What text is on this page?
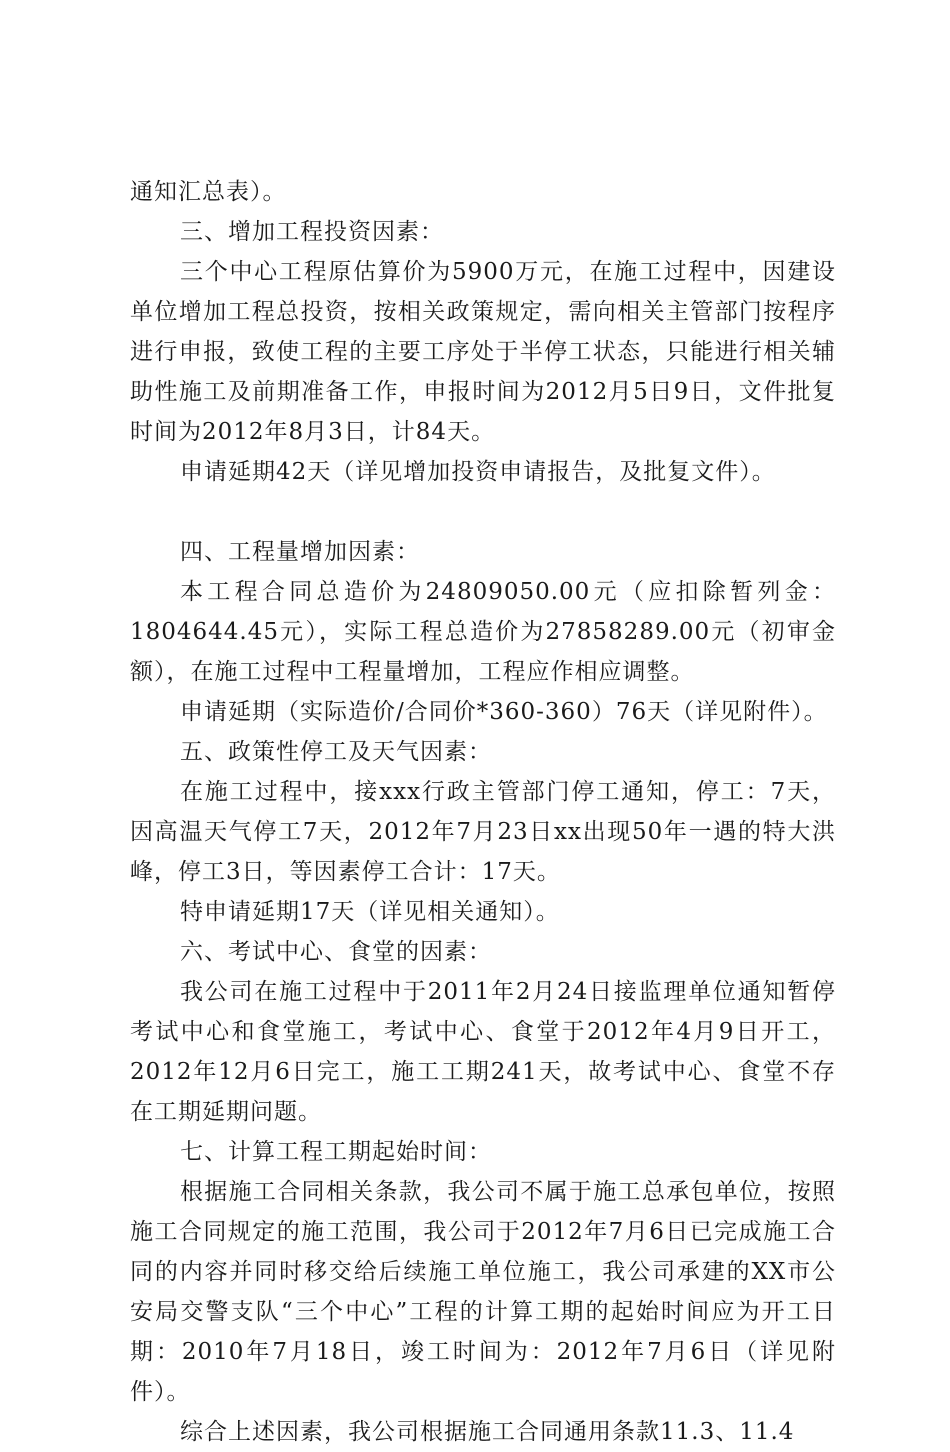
通知汇总表）。

三、增加工程投资因素：

三个中心工程原估算价为5900万元，在施工过程中，因建设单位增加工程总投资，按相关政策规定，需向相关主管部门按程序进行申报，致使工程的主要工序处于半停工状态，只能进行相关辅助性施工及前期准备工作，申报时间为2012月5日9日，文件批复时间为2012年8月3日，计84天。

申请延期42天（详见增加投资申请报告，及批复文件）。

四、工程量增加因素：

本工程合同总造价为24809050.00元（应扣除暂列金：1804644.45元），实际工程总造价为27858289.00元（初审金额），在施工过程中工程量增加，工程应作相应调整。

申请延期（实际造价/合同价*360-360）76天（详见附件）。

五、政策性停工及天气因素：

在施工过程中，接xxx行政主管部门停工通知，停工：7天，因高温天气停工7天，2012年7月23日xx出现50年一遇的特大洪峰，停工3日，等因素停工合计：17天。

特申请延期17天（详见相关通知）。

六、考试中心、食堂的因素：

我公司在施工过程中于2011年2月24日接监理单位通知暂停考试中心和食堂施工，考试中心、食堂于2012年4月9日开工，2012年12月6日完工，施工工期241天，故考试中心、食堂不存在工期延期问题。

七、计算工程工期起始时间：

根据施工合同相关条款，我公司不属于施工总承包单位，按照施工合同规定的施工范围，我公司于2012年7月6日已完成施工合同的内容并同时移交给后续施工单位施工，我公司承建的XX市公安局交警支队“三个中心”工程的计算工期的起始时间应为开工日期：2010年7月18日，竣工时间为：2012年7月6日（详见附件）。

综合上述因素，我公司根据施工合同通用条款11.3、11.4
